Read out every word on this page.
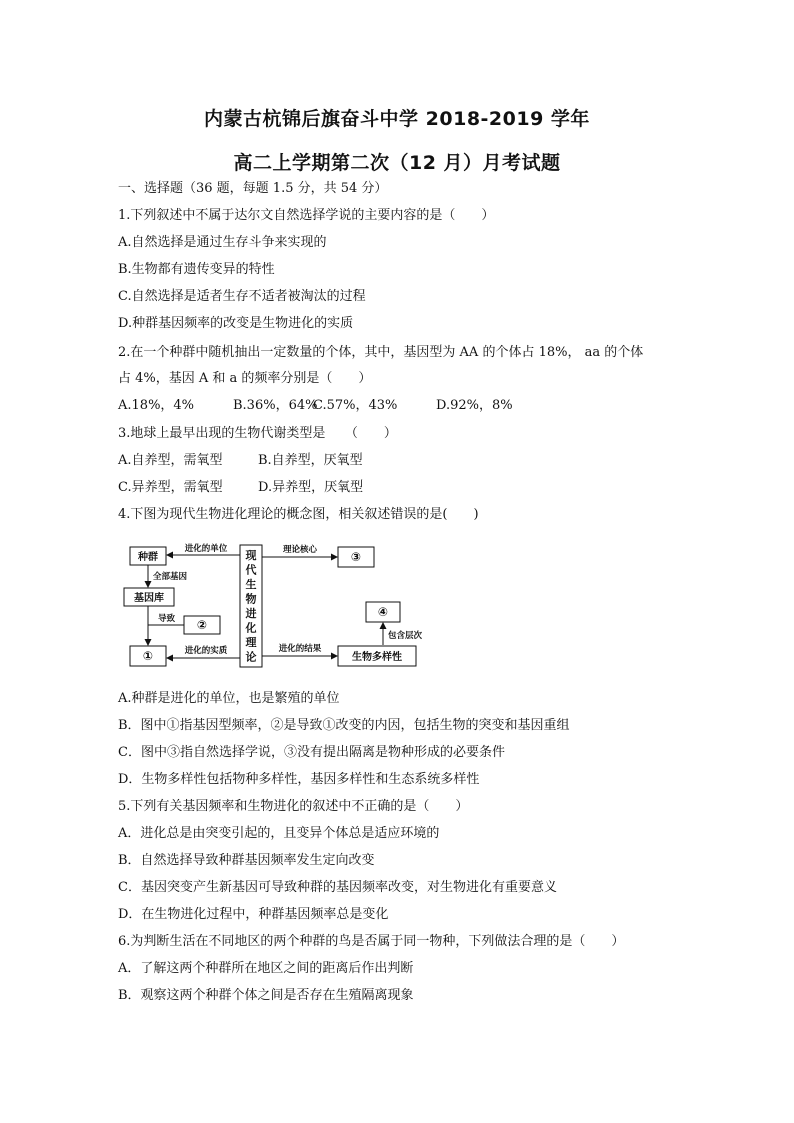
内蒙古杭锦后旗奋斗中学 2018-2019 学年
高二上学期第二次（12 月）月考试题
一、选择题（36 题，每题 1.5 分，共 54 分）
1.下列叙述中不属于达尔文自然选择学说的主要内容的是（　　）
A.自然选择是通过生存斗争来实现的
B.生物都有遗传变异的特性
C.自然选择是适者生存不适者被淘汰的过程
D.种群基因频率的改变是生物进化的实质
2.在一个种群中随机抽出一定数量的个体，其中，基因型为 AA 的个体占 18%， aa 的个体
占 4%，基因 A 和 a 的频率分别是（　　）
A.18%，4%	B.36%，64%C.57%，43%	D.92%，8%
3.地球上最早出现的生物代谢类型是　　（　　）
A.自养型，需氧型	B.自养型，厌氧型
C.异养型，需氧型	D.异养型，厌氧型
4.下图为现代生物进化理论的概念图，相关叙述错误的是(　　)
种群
基因库
②
①
③
④
生物多样性
进化的单位
全部基因
导致
进化的实质
理论核心
进化的结果
包含层次
现
代
生
物
进
化
理
论
A.种群是进化的单位，也是繁殖的单位
B．图中①指基因型频率，②是导致①改变的内因，包括生物的突变和基因重组
C．图中③指自然选择学说，③没有提出隔离是物种形成的必要条件
D．生物多样性包括物种多样性，基因多样性和生态系统多样性
5.下列有关基因频率和生物进化的叙述中不正确的是（　　）
A．进化总是由突变引起的，且变异个体总是适应环境的
B．自然选择导致种群基因频率发生定向改变
C．基因突变产生新基因可导致种群的基因频率改变，对生物进化有重要意义
D．在生物进化过程中，种群基因频率总是变化
6.为判断生活在不同地区的两个种群的鸟是否属于同一物种，下列做法合理的是（　　）
A．了解这两个种群所在地区之间的距离后作出判断
B．观察这两个种群个体之间是否存在生殖隔离现象
